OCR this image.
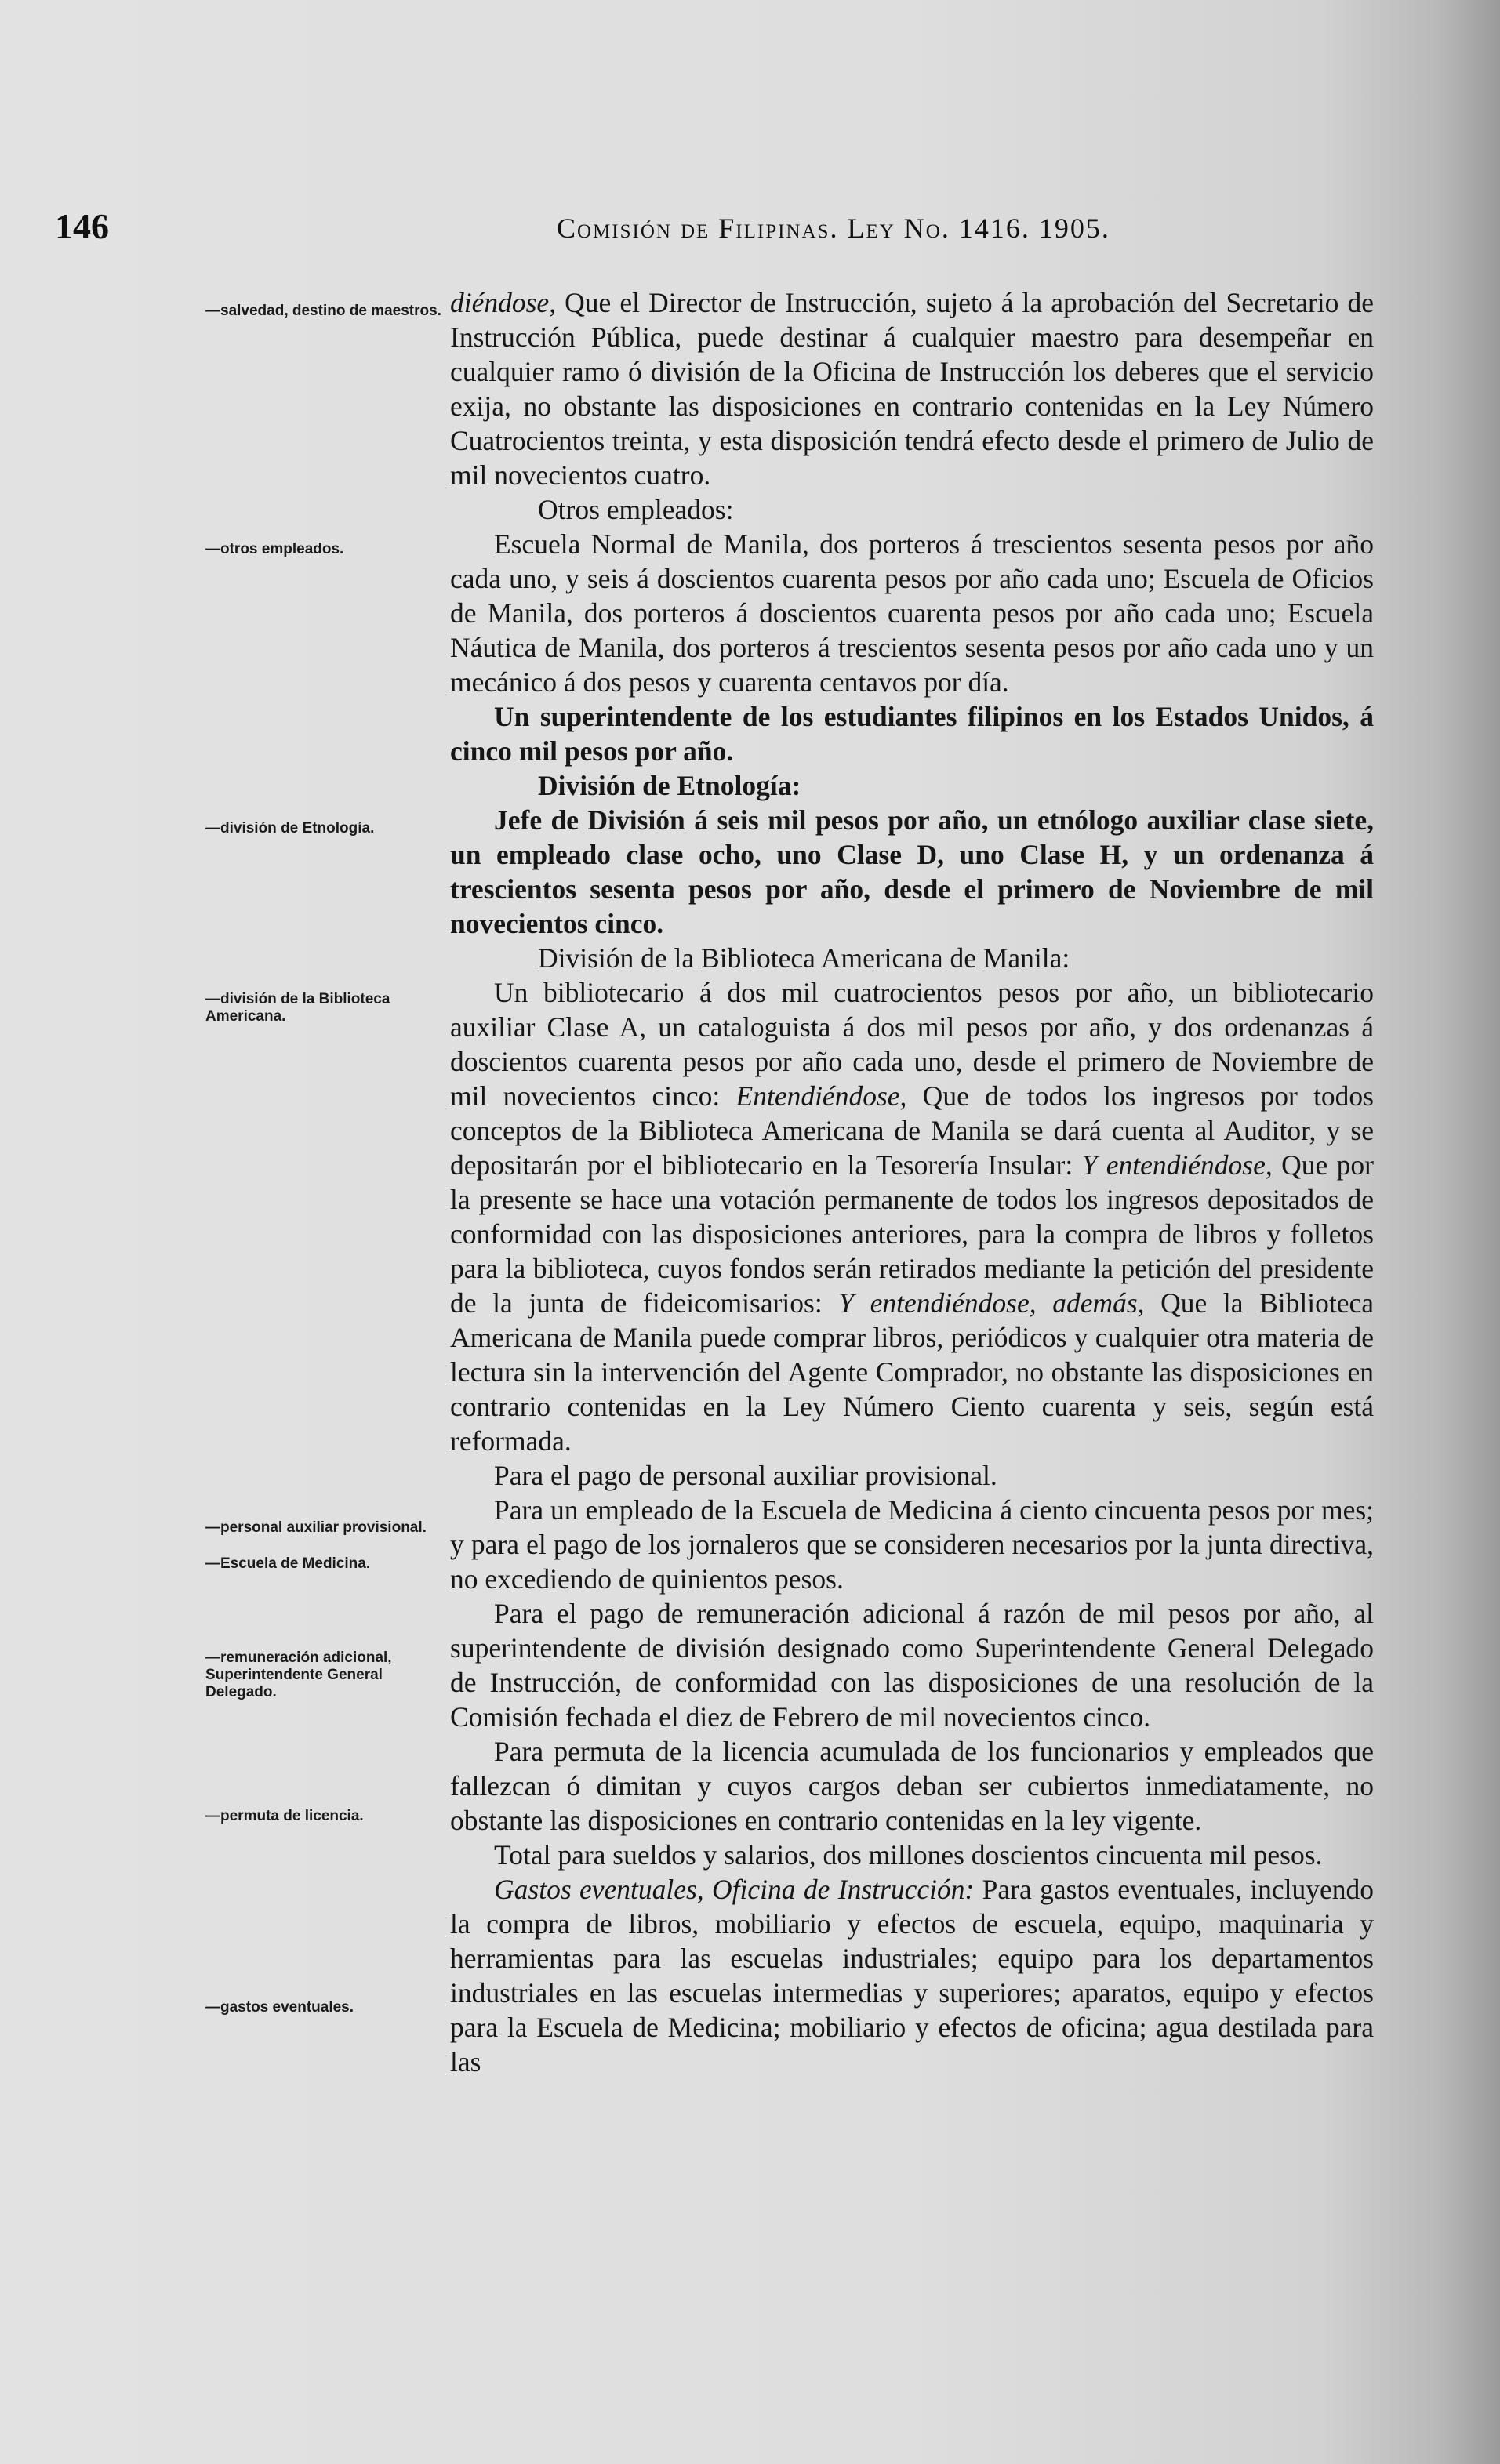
146	Comisión de Filipinas. Ley No. 1416. 1905.
—salvedad, destino de maestros.
—otros empleados.
—división de Etnología.
—división de la Biblioteca Americana.
—personal auxiliar provisional.
—Escuela de Medicina.
—remuneración adicional, Superintendente General Delegado.
—permuta de licencia.
—gastos eventuales.

diéndose, Que el Director de Instrucción, sujeto á la aprobación del Secretario de Instrucción Pública, puede destinar á cualquier maestro para desempeñar en cualquier ramo ó división de la Oficina de Instrucción los deberes que el servicio exija, no obstante las disposiciones en contrario contenidas en la Ley Número Cuatrocientos treinta, y esta disposición tendrá efecto desde el primero de Julio de mil novecientos cuatro.

Otros empleados:

Escuela Normal de Manila, dos porteros á trescientos sesenta pesos por año cada uno, y seis á doscientos cuarenta pesos por año cada uno; Escuela de Oficios de Manila, dos porteros á doscientos cuarenta pesos por año cada uno; Escuela Náutica de Manila, dos porteros á trescientos sesenta pesos por año cada uno y un mecánico á dos pesos y cuarenta centavos por día.

Un superintendente de los estudiantes filipinos en los Estados Unidos, á cinco mil pesos por año.

División de Etnología:

Jefe de División á seis mil pesos por año, un etnólogo auxiliar clase siete, un empleado clase ocho, uno Clase D, uno Clase H, y un ordenanza á trescientos sesenta pesos por año, desde el primero de Noviembre de mil novecientos cinco.

División de la Biblioteca Americana de Manila:

Un bibliotecario á dos mil cuatrocientos pesos por año, un bibliotecario auxiliar Clase A, un cataloguista á dos mil pesos por año, y dos ordenanzas á doscientos cuarenta pesos por año cada uno, desde el primero de Noviembre de mil novecientos cinco: Entendiéndose, Que de todos los ingresos por todos conceptos de la Biblioteca Americana de Manila se dará cuenta al Auditor, y se depositarán por el bibliotecario en la Tesorería Insular: Y entendiéndose, Que por la presente se hace una votación permanente de todos los ingresos depositados de conformidad con las disposiciones anteriores, para la compra de libros y folletos para la biblioteca, cuyos fondos serán retirados mediante la petición del presidente de la junta de fideicomisarios: Y entendiéndose, además, Que la Biblioteca Americana de Manila puede comprar libros, periódicos y cualquier otra materia de lectura sin la intervención del Agente Comprador, no obstante las disposiciones en contrario contenidas en la Ley Número Ciento cuarenta y seis, según está reformada.

Para el pago de personal auxiliar provisional.

Para un empleado de la Escuela de Medicina á ciento cincuenta pesos por mes; y para el pago de los jornaleros que se consideren necesarios por la junta directiva, no excediendo de quinientos pesos.

Para el pago de remuneración adicional á razón de mil pesos por año, al superintendente de división designado como Superintendente General Delegado de Instrucción, de conformidad con las disposiciones de una resolución de la Comisión fechada el diez de Febrero de mil novecientos cinco.

Para permuta de la licencia acumulada de los funcionarios y empleados que fallezcan ó dimitan y cuyos cargos deban ser cubiertos inmediatamente, no obstante las disposiciones en contrario contenidas en la ley vigente.

Total para sueldos y salarios, dos millones doscientos cincuenta mil pesos.

Gastos eventuales, Oficina de Instrucción: Para gastos eventuales, incluyendo la compra de libros, mobiliario y efectos de escuela, equipo, maquinaria y herramientas para las escuelas industriales; equipo para los departamentos industriales en las escuelas intermedias y superiores; aparatos, equipo y efectos para la Escuela de Medicina; mobiliario y efectos de oficina; agua destilada para las
